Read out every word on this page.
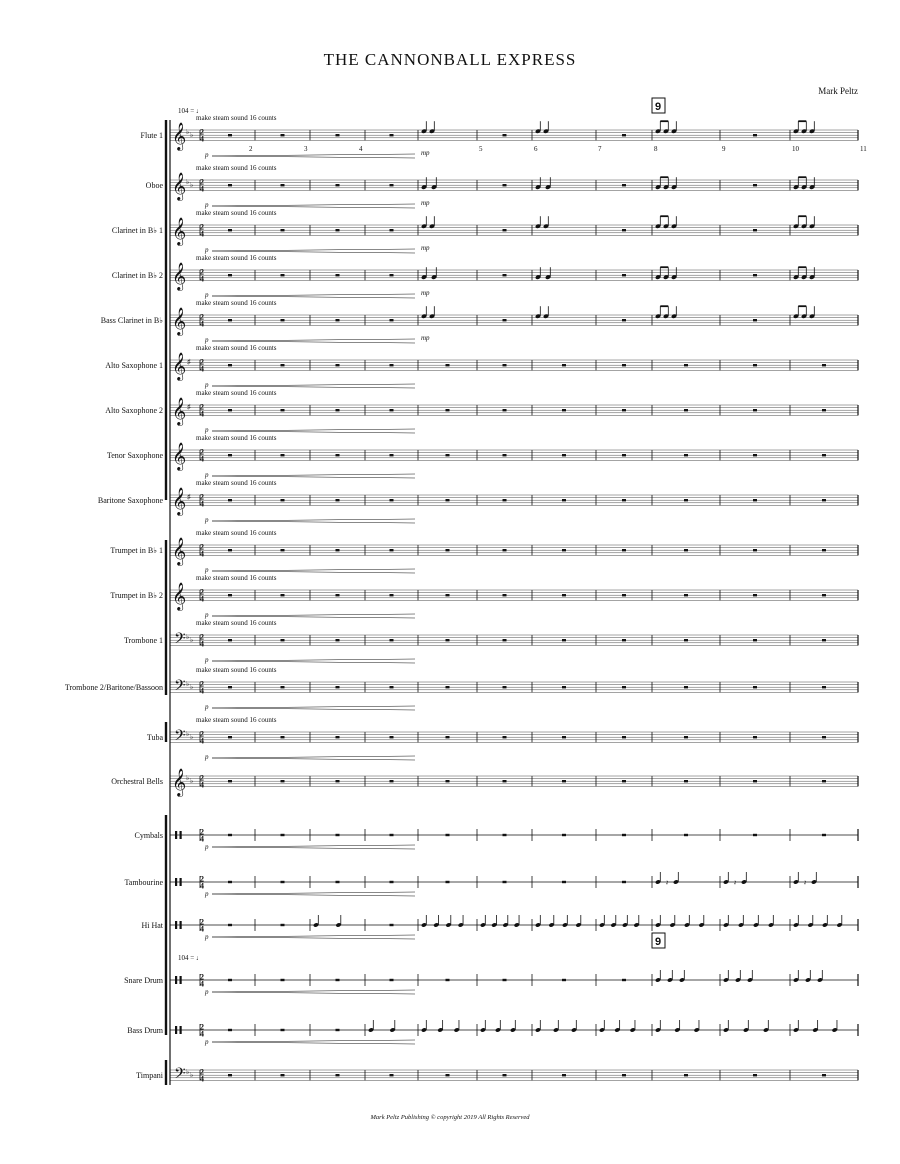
THE CANNONBALL EXPRESS
Mark Peltz
Flute 1 𝄞 ♭ ♭ 2
4
Oboe 𝄞 ♭ ♭ 2
4
Clarinet in B♭ 1 𝄞 2
4
Clarinet in B♭ 2 𝄞 2
4
Bass Clarinet in B♭ 𝄞 2
4
Alto Saxophone 1 𝄞 ♯ 2
4
Alto Saxophone 2 𝄞 ♯ 2
4
Tenor Saxophone 𝄞 2
4
Baritone Saxophone 𝄞 ♯ 2
4
Trumpet in B♭ 1 𝄞 2
4
Trumpet in B♭ 2 𝄞 2
4
Trombone 1 𝄢 ♭ ♭ 2
4
Trombone 2/Baritone/Bassoon 𝄢 ♭ ♭ 2
4
Tuba 𝄢 ♭ ♭ 2
4
Orchestral Bells 𝄞 ♭ ♭ 2
4
Cymbals	2
4
Tambourine	2
4	𝄽	𝄽	𝄽
Hi Hat	2
4
Snare Drum	2
4
Bass Drum	2
4
Timpani 𝄢 ♭ ♭ 2
4
104 = ♩
104 = ♩
9
9
2	3	4	5	6	7	8	9	10	11
make steam sound 16 counts
p
make steam sound 16 counts
p
make steam sound 16 counts
p
make steam sound 16 counts
p
make steam sound 16 counts
p
make steam sound 16 counts
p
make steam sound 16 counts
p
make steam sound 16 counts
p
make steam sound 16 counts
p
make steam sound 16 counts
p
make steam sound 16 counts
p
make steam sound 16 counts
p
make steam sound 16 counts
p
make steam sound 16 counts
p
p
p
p
p
p
mp
mp
mp
mp
mp
Mark Peltz Publishing © copyright 2019 All Rights Reserved
